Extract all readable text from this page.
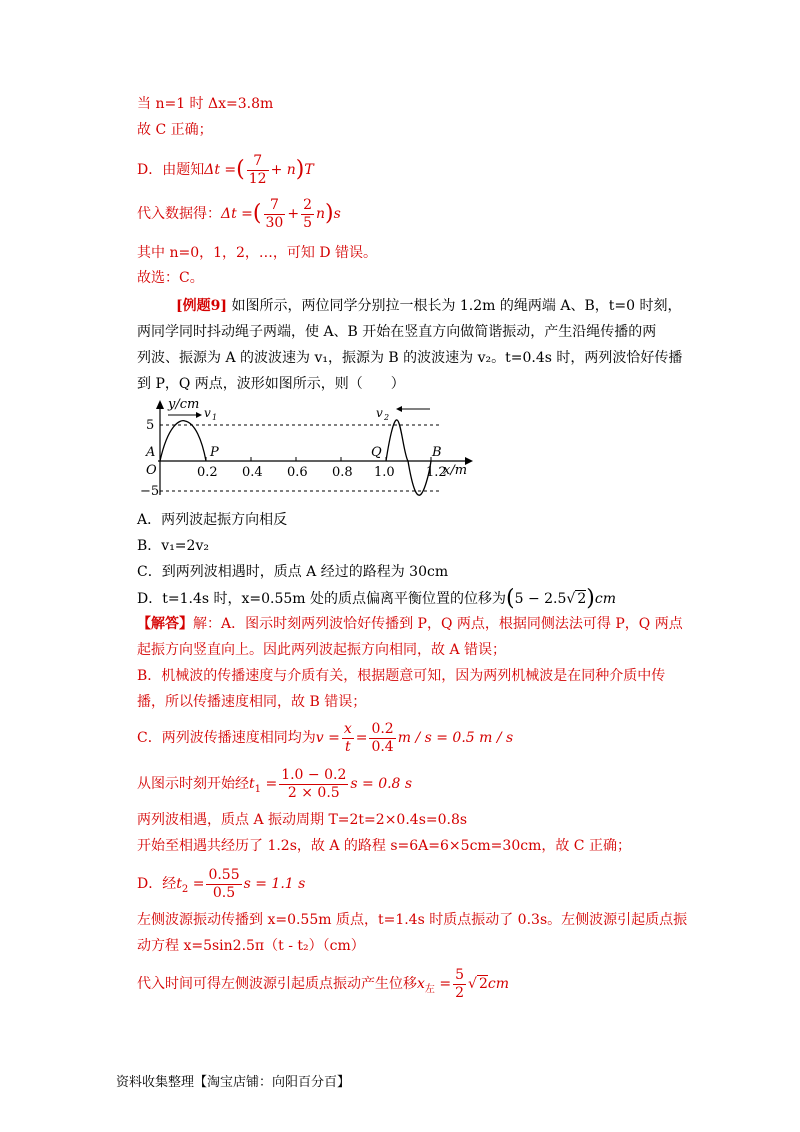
当 n=1 时 Δx=3.8m
故 C 正确；
D．由题知Δt =( $\frac{7}{12} + n)T$
代入数据得：Δt =( $\frac{7}{30} + \frac{2}{5} n)s$
其中 n=0，1，2，…，可知 D 错误。
故选：C。
[例题9] 如图所示，两位同学分别拉一根长为 1.2m 的绳两端 A、B，t=0 时刻，
两同学同时抖动绳子两端，使 A、B 开始在竖直方向做简谐振动，产生沿绳传播的两
列波、振源为 A 的波波速为 v₁，振源为 B 的波波速为 v₂。t=0.4s 时，两列波恰好传播
到 P，Q 两点，波形如图所示，则（　　）
y/cm
x/m
v 1	v 2
5
−5
A
O
P	Q	B
0.2 0.4 0.6 0.8 1.0 1.2
A．两列波起振方向相反
B．v₁=2v₂
C．到两列波相遇时，质点 A 经过的路程为 30cm
D．t=1.4s 时，x=0.55m 处的质点偏离平衡位置的位移为(5 − 2.5√ 2)cm
【解答】解：A．图示时刻两列波恰好传播到 P，Q 两点，根据同侧法法可得 P，Q 两点
起振方向竖直向上。因此两列波起振方向相同，故 A 错误；
B．机械波的传播速度与介质有关，根据题意可知，因为两列机械波是在同种介质中传
播，所以传播速度相同，故 B 错误；
C．两列波传播速度相同均为$v = \frac{x}{t} = \frac{0.2}{0.4}$ m / s = 0.5 m / s
从图示时刻开始经$t_1 = \frac{1.0 - 0.2}{2 \times 0.5}$ s = 0.8 s
两列波相遇，质点 A 振动周期 T=2t=2×0.4s=0.8s
开始至相遇共经历了 1.2s，故 A 的路程 s=6A=6×5cm=30cm，故 C 正确；
D．经$t_2 = \frac{0.55}{0.5}$ s = 1.1 s
左侧波源振动传播到 x=0.55m 质点，t=1.4s 时质点振动了 0.3s。左侧波源引起质点振
动方程 x=5sin2.5π（t - t₂）（cm）
代入时间可得左侧波源引起质点振动产生位移$x_左 = \frac{5}{2}$ √ 2cm
资料收集整理【淘宝店铺：向阳百分百】
